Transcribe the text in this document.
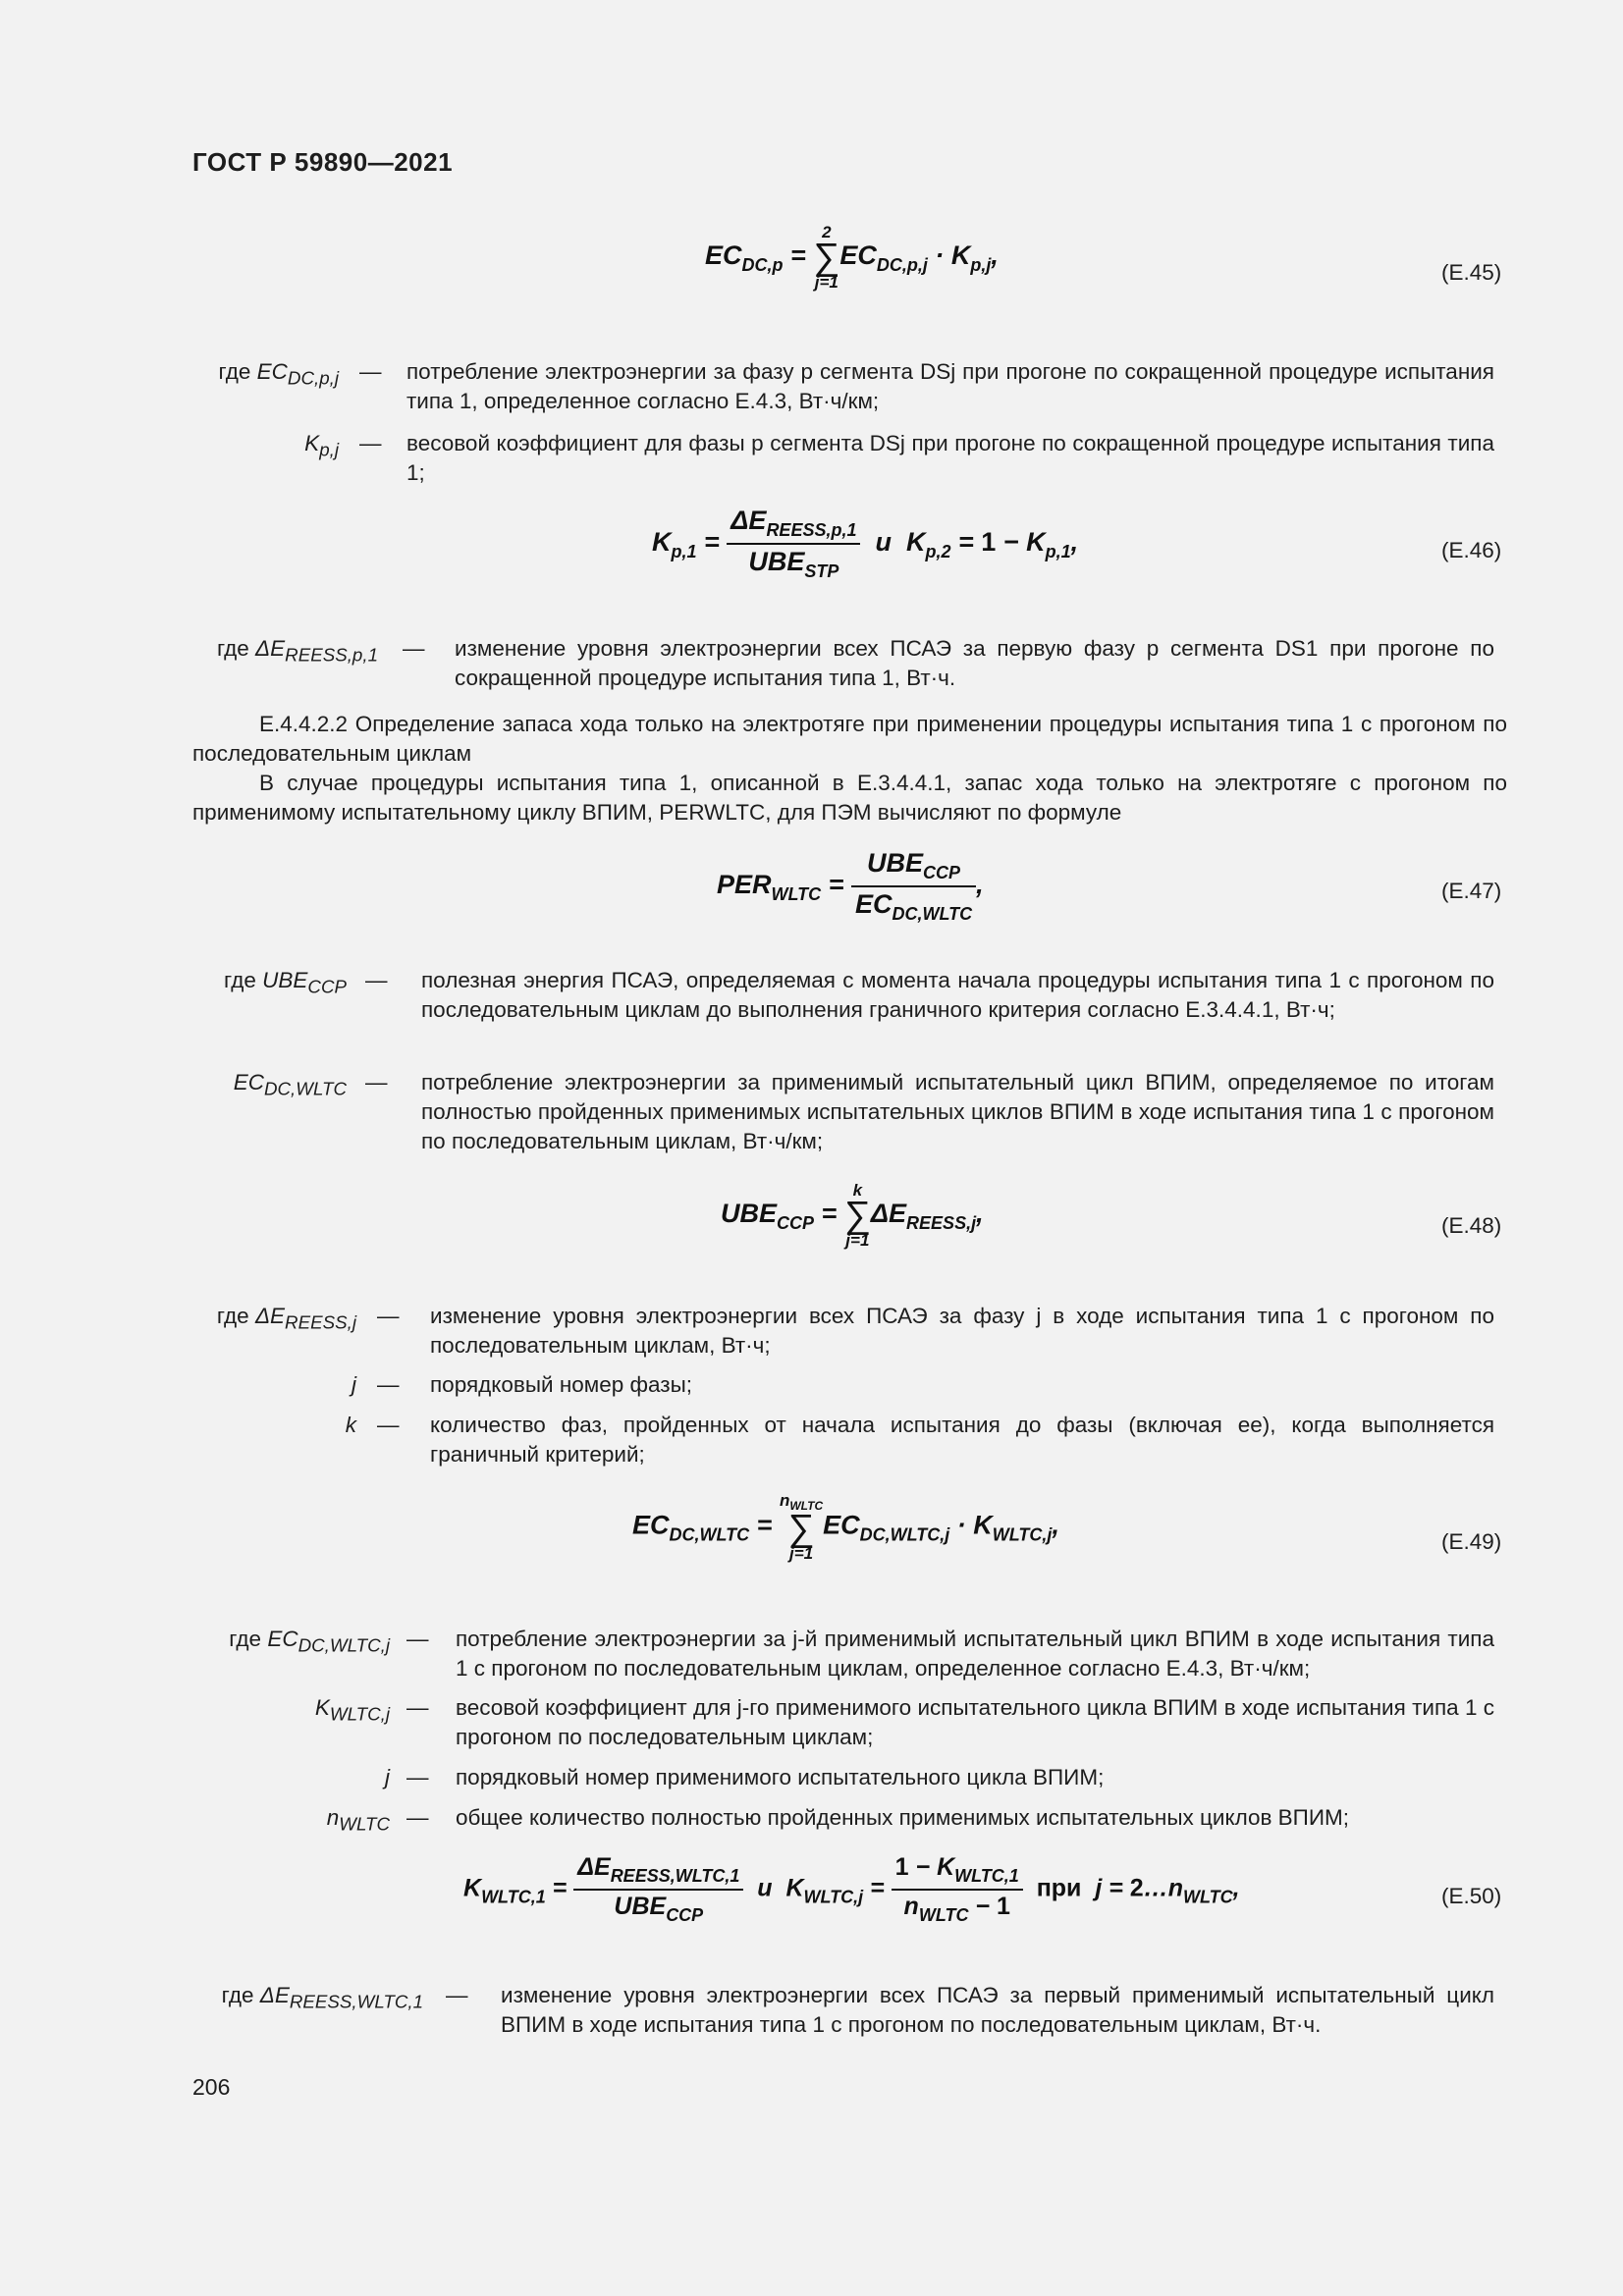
ГОСТ Р 59890—2021
$EC_{DC,p}$ =
2
∑
j=1
$EC_{DC,p,j} \cdot K_{p,j}$,
(Е.45)
где $EC_{DC,p,j}$ — потребление электроэнергии за фазу p сегмента DSj при прогоне по сокращенной процедуре испытания типа 1, определенное согласно Е.4.3, Вт·ч/км;
$K_{p,j}$ — весовой коэффициент для фазы p сегмента DSj при прогоне по сокращенной процедуре испытания типа 1;
$K_{p,1} = \frac{\Delta E_{REESS,p,1}}{UBE_{STP}}$ и  $K_{p,2} = 1 - K_{p,1}$,	(Е.46)
где $\Delta E_{REESS,p,1}$ — изменение уровня электроэнергии всех ПСАЭ за первую фазу p сегмента DS1 при прогоне по сокращенной процедуре испытания типа 1, Вт·ч.
Е.4.4.2.2 Определение запаса хода только на электротяге при применении процедуры испытания типа 1 с прогоном по последовательным циклам
В случае процедуры испытания типа 1, описанной в Е.3.4.4.1, запас хода только на электротяге с прогоном по применимому испытательному циклу ВПИМ, PERWLTC, для ПЭМ вычисляют по формуле
$PER_{WLTC} = \frac{UBE_{CCP}}{EC_{DC,WLTC}}$ ,	(Е.47)
где $UBE_{CCP}$ — полезная энергия ПСАЭ, определяемая с момента начала процедуры испытания типа 1 с прогоном по последовательным циклам до выполнения граничного критерия согласно Е.3.4.4.1, Вт·ч;
$EC_{DC,WLTC}$ — потребление электроэнергии за применимый испытательный цикл ВПИМ, определяемое по итогам полностью пройденных применимых испытательных циклов ВПИМ в ходе испытания типа 1 с прогоном по последовательным циклам, Вт·ч/км;
$UBE_{CCP}$ =
k
∑
j=1
$\Delta E_{REESS,j}$,	(Е.48)
где $\Delta E_{REESS,j}$ — изменение уровня электроэнергии всех ПСАЭ за фазу j в ходе испытания типа 1 с прогоном по последовательным циклам, Вт·ч;
j — порядковый номер фазы;
k — количество фаз, пройденных от начала испытания до фазы (включая ее), когда выполняется граничный критерий;
$EC_{DC,WLTC}$ =
$n_{WLTC}$
∑
j=1
$EC_{DC,WLTC,j} \cdot K_{WLTC,j}$,
(Е.49)
где $EC_{DC,WLTC,j}$ — потребление электроэнергии за j-й применимый испытательный цикл ВПИМ в ходе испытания типа 1 с прогоном по последовательным циклам, определенное согласно Е.4.3, Вт·ч/км;
$K_{WLTC,j}$ — весовой коэффициент для j-го применимого испытательного цикла ВПИМ в ходе испытания типа 1 с прогоном по последовательным циклам;
j — порядковый номер применимого испытательного цикла ВПИМ;
$n_{WLTC}$ — общее количество полностью пройденных применимых испытательных циклов ВПИМ;
$K_{WLTC,1} = \frac{\Delta E_{REESS,WLTC,1}}{UBE_{CCP}}$ и  $K_{WLTC,j} = \frac{1 - K_{WLTC,1}}{n_{WLTC} - 1}$ при  $j = 2\dots n_{WLTC}$,	(Е.50)
где $\Delta E_{REESS,WLTC,1}$ — изменение уровня электроэнергии всех ПСАЭ за первый применимый испытательный цикл ВПИМ в ходе испытания типа 1 с прогоном по последовательным циклам, Вт·ч.
206
